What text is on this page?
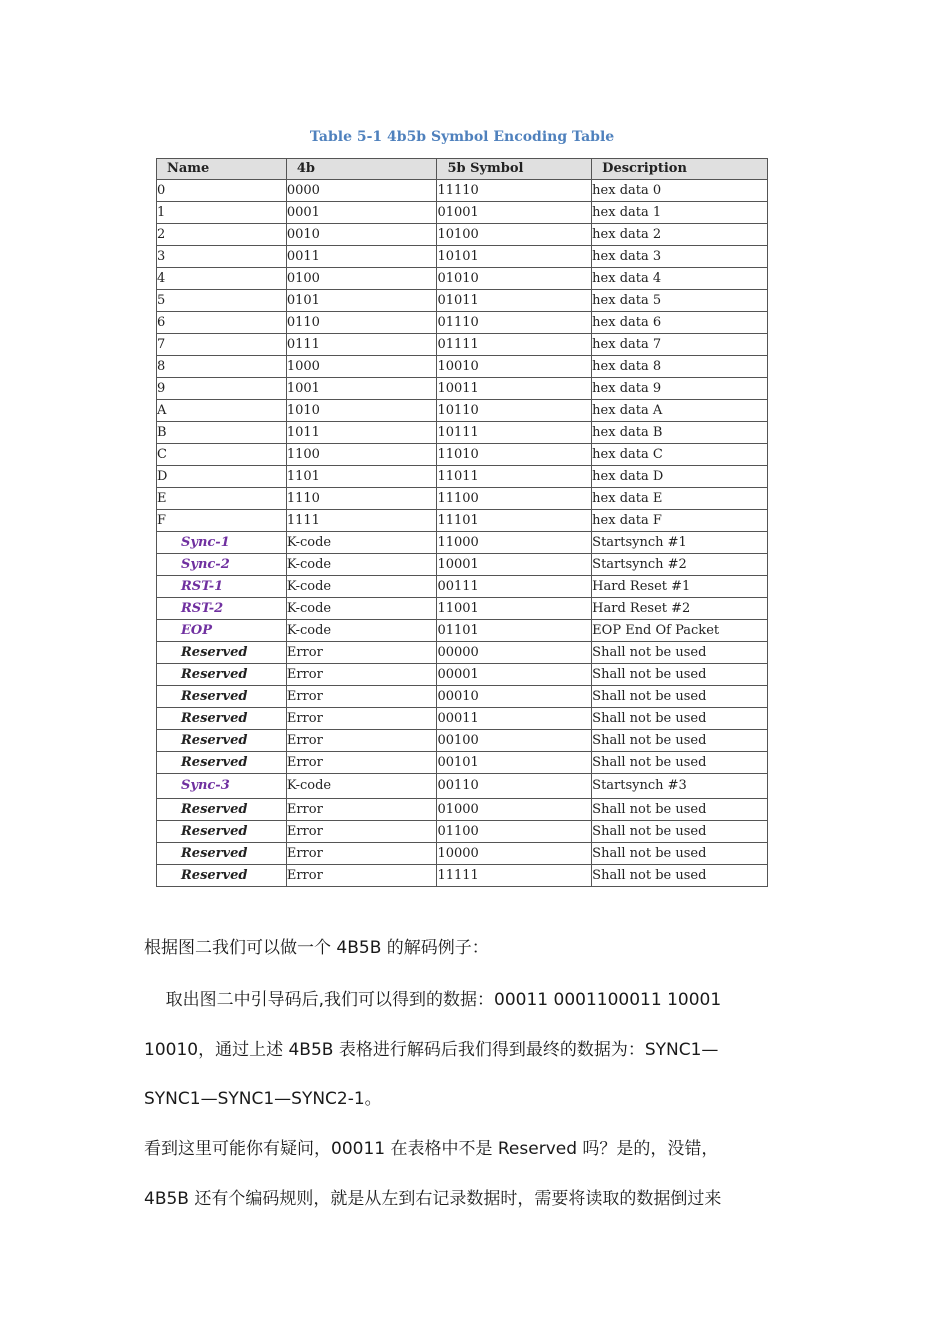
Table 5-1 4b5b Symbol Encoding Table
Name	4b	5b Symbol	Description
0	0000	11110	hex data 0
1	0001	01001	hex data 1
2	0010	10100	hex data 2
3	0011	10101	hex data 3
4	0100	01010	hex data 4
5	0101	01011	hex data 5
6	0110	01110	hex data 6
7	0111	01111	hex data 7
8	1000	10010	hex data 8
9	1001	10011	hex data 9
A	1010	10110	hex data A
B	1011	10111	hex data B
C	1100	11010	hex data C
D	1101	11011	hex data D
E	1110	11100	hex data E
F	1111	11101	hex data F
Sync-1	K-code	11000	Startsynch #1
Sync-2	K-code	10001	Startsynch #2
RST-1	K-code	00111	Hard Reset #1
RST-2	K-code	11001	Hard Reset #2
EOP	K-code	01101	EOP End Of Packet
Reserved	Error	00000	Shall not be used
Reserved	Error	00001	Shall not be used
Reserved	Error	00010	Shall not be used
Reserved	Error	00011	Shall not be used
Reserved	Error	00100	Shall not be used
Reserved	Error	00101	Shall not be used
Sync-3	K-code	00110	Startsynch #3
Reserved	Error	01000	Shall not be used
Reserved	Error	01100	Shall not be used
Reserved	Error	10000	Shall not be used
Reserved	Error	11111	Shall not be used
根据图二我们可以做一个 4B5B 的解码例子：
取出图二中引导码后,我们可以得到的数据：00011 0001100011 10001
10010，通过上述 4B5B 表格进行解码后我们得到最终的数据为：SYNC1—
SYNC1—SYNC1—SYNC2-1。
看到这里可能你有疑问，00011 在表格中不是 Reserved 吗？是的，没错，
4B5B 还有个编码规则，就是从左到右记录数据时，需要将读取的数据倒过来
